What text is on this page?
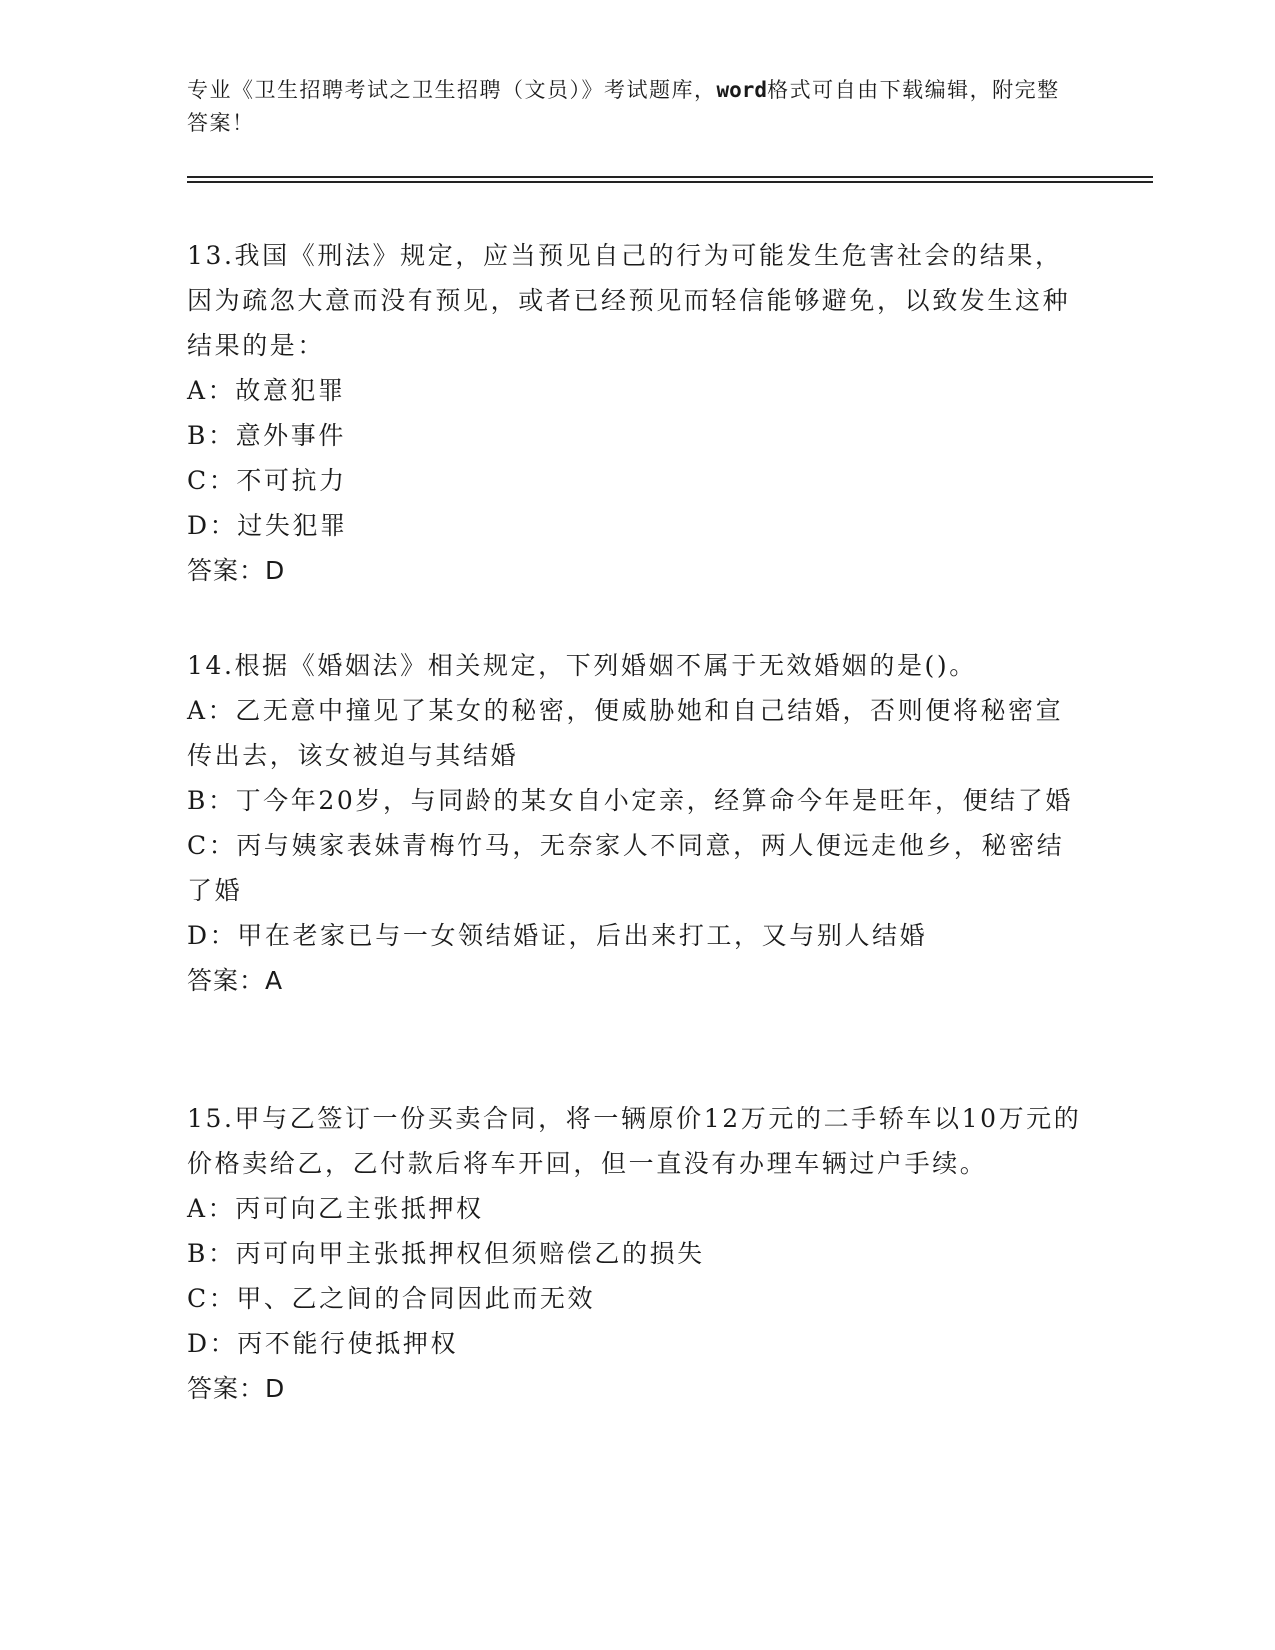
专业《卫生招聘考试之卫生招聘（文员）》考试题库，word格式可自由下载编辑，附完整答案！
13.我国《刑法》规定，应当预见自己的行为可能发生危害社会的结果，因为疏忽大意而没有预见，或者已经预见而轻信能够避免，以致发生这种结果的是：
A：故意犯罪
B：意外事件
C：不可抗力
D：过失犯罪
答案：D
14.根据《婚姻法》相关规定，下列婚姻不属于无效婚姻的是()。
A：乙无意中撞见了某女的秘密，便威胁她和自己结婚，否则便将秘密宣传出去，该女被迫与其结婚
B：丁今年20岁，与同龄的某女自小定亲，经算命今年是旺年，便结了婚
C：丙与姨家表妹青梅竹马，无奈家人不同意，两人便远走他乡，秘密结了婚
D：甲在老家已与一女领结婚证，后出来打工，又与别人结婚
答案：A
15.甲与乙签订一份买卖合同，将一辆原价12万元的二手轿车以10万元的价格卖给乙，乙付款后将车开回，但一直没有办理车辆过户手续。
A：丙可向乙主张抵押权
B：丙可向甲主张抵押权但须赔偿乙的损失
C：甲、乙之间的合同因此而无效
D：丙不能行使抵押权
答案：D
